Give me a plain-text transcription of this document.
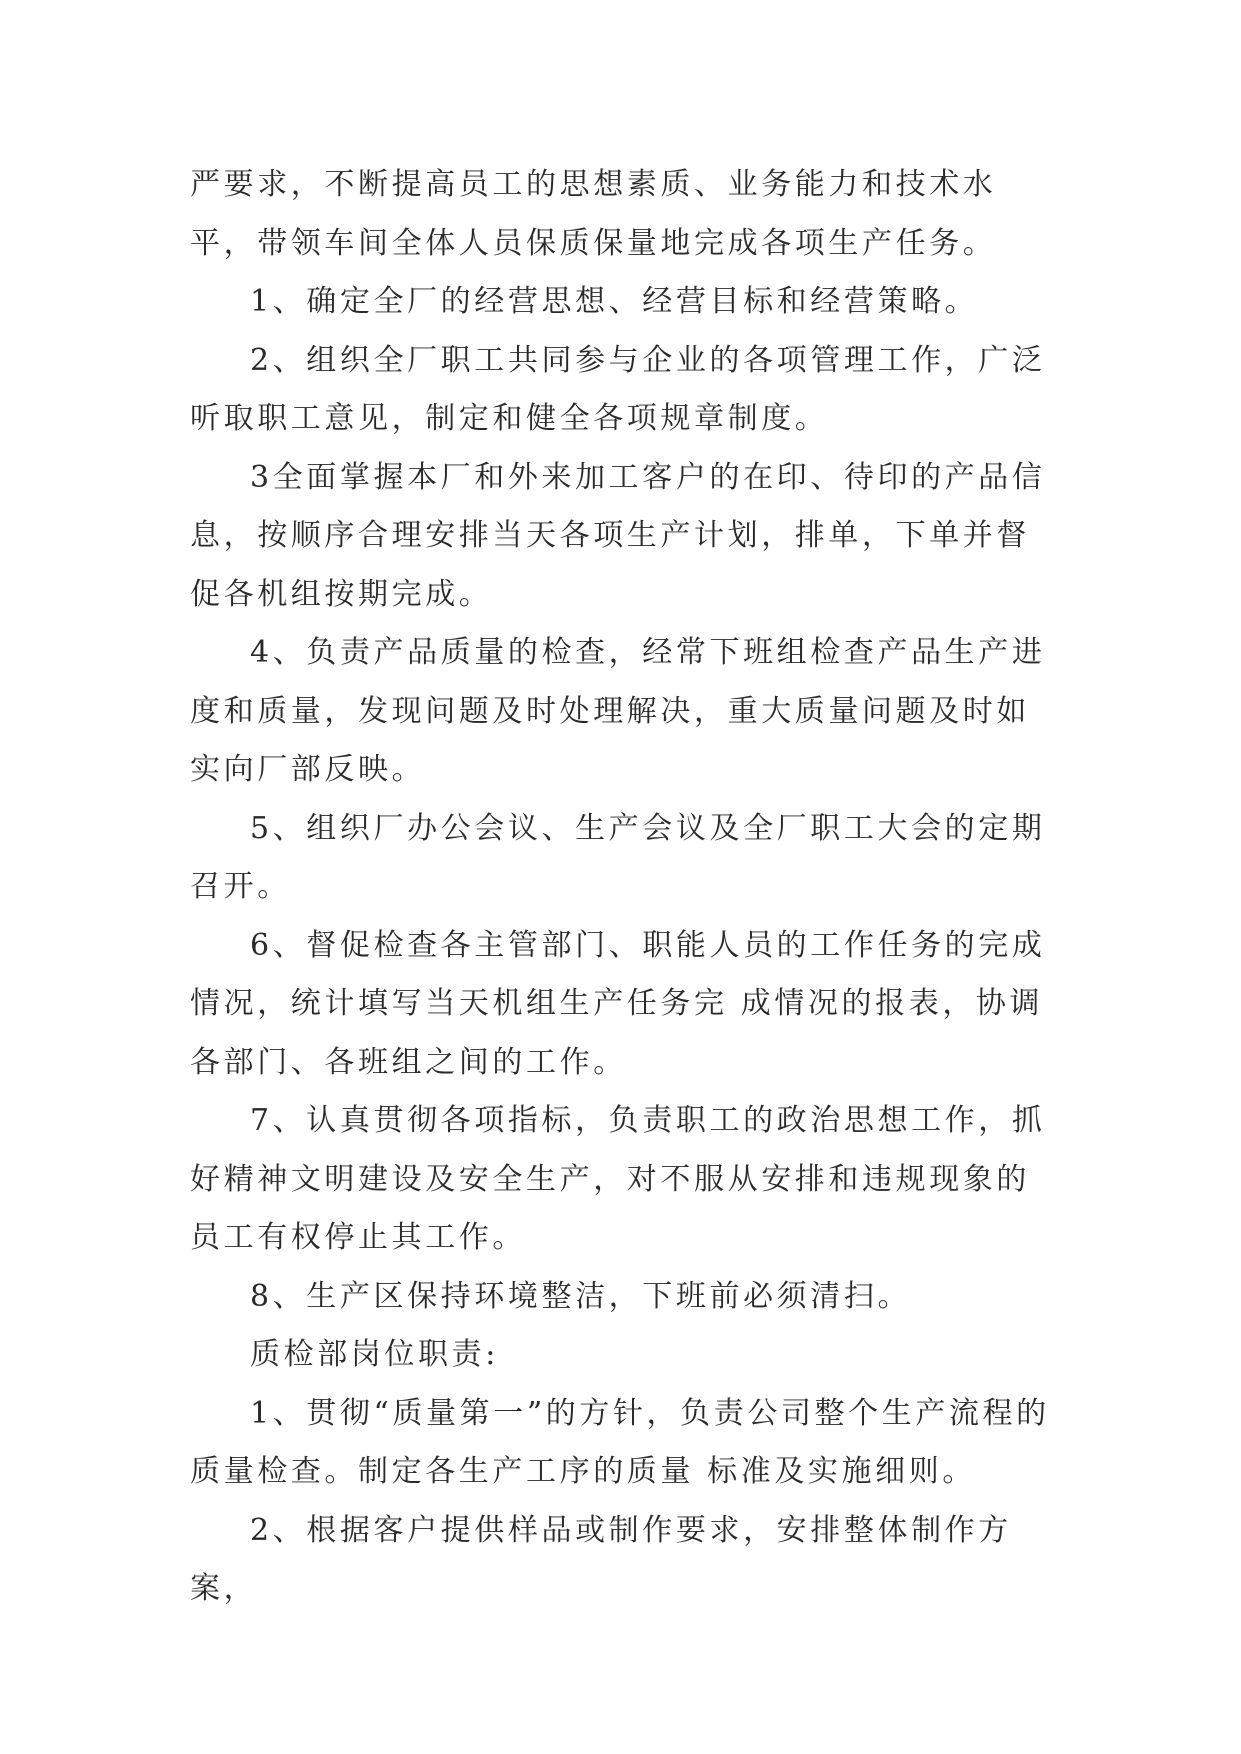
严要求，不断提高员工的思想素质、业务能力和技术水平，带领车间全体人员保质保量地完成各项生产任务。

1、确定全厂的经营思想、经营目标和经营策略。

2、组织全厂职工共同参与企业的各项管理工作，广泛听取职工意见，制定和健全各项规章制度。

3全面掌握本厂和外来加工客户的在印、待印的产品信息，按顺序合理安排当天各项生产计划，排单，下单并督促各机组按期完成。

4、负责产品质量的检查，经常下班组检查产品生产进度和质量，发现问题及时处理解决，重大质量问题及时如实向厂部反映。

5、组织厂办公会议、生产会议及全厂职工大会的定期召开。

6、督促检查各主管部门、职能人员的工作任务的完成情况，统计填写当天机组生产任务完 成情况的报表，协调各部门、各班组之间的工作。

7、认真贯彻各项指标，负责职工的政治思想工作，抓好精神文明建设及安全生产，对不服从安排和违规现象的员工有权停止其工作。

8、生产区保持环境整洁，下班前必须清扫。

质检部岗位职责:

1、贯彻“质量第一”的方针，负责公司整个生产流程的质量检查。制定各生产工序的质量 标准及实施细则。

2、根据客户提供样品或制作要求，安排整体制作方案，
